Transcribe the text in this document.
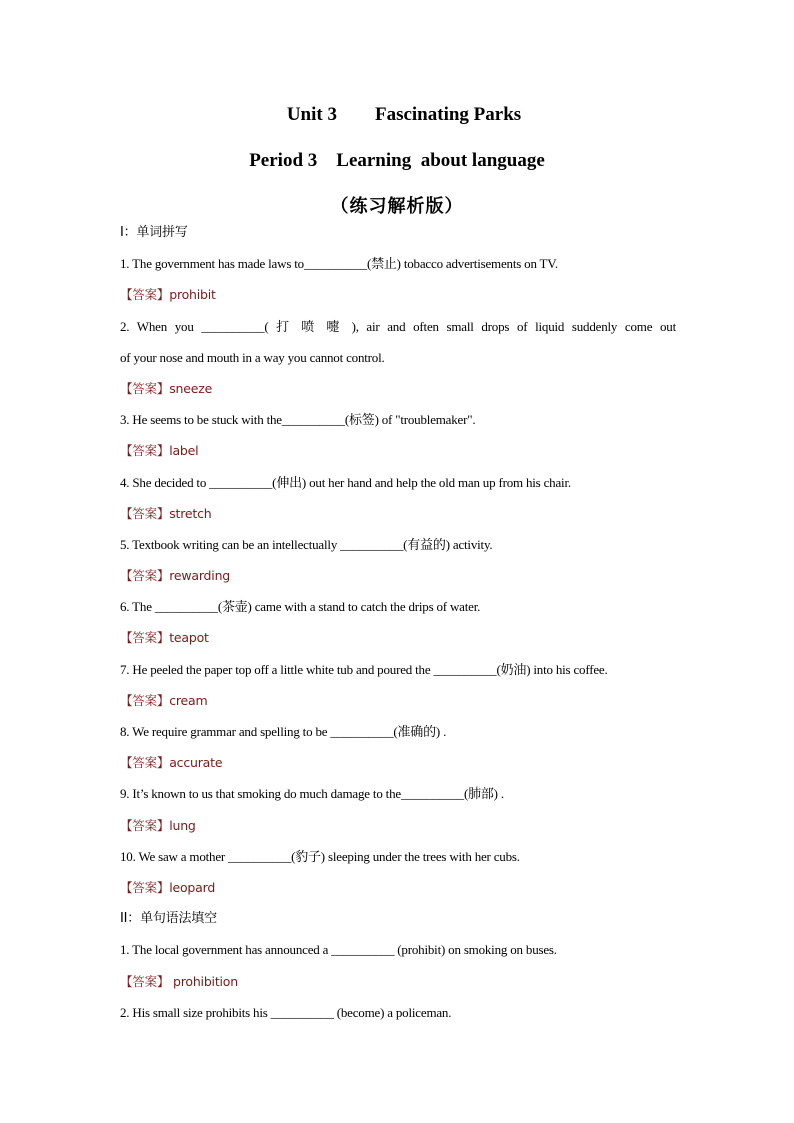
Unit 3        Fascinating Parks
Period 3    Learning  about language
（练习解析版）
I：单词拼写
1. The government has made laws to__________(禁止) tobacco advertisements on TV.
【答案】prohibit
2. When you __________( 打 喷 嚏 ), air and often small drops of liquid suddenly come out
of your nose and mouth in a way you cannot control.
【答案】sneeze
3. He seems to be stuck with the__________(标签) of "troublemaker".
【答案】label
4. She decided to __________(伸出) out her hand and help the old man up from his chair.
【答案】stretch
5. Textbook writing can be an intellectually __________(有益的) activity.
【答案】rewarding
6. The __________(茶壶) came with a stand to catch the drips of water.
【答案】teapot
7. He peeled the paper top off a little white tub and poured the __________(奶油) into his coffee.
【答案】cream
8. We require grammar and spelling to be __________(准确的) .
【答案】accurate
9. It’s known to us that smoking do much damage to the__________(肺部) .
【答案】lung
10. We saw a mother __________(豹子) sleeping under the trees with her cubs.
【答案】leopard
II：单句语法填空
1. The local government has announced a __________ (prohibit) on smoking on buses.
【答案】 prohibition
2. His small size prohibits his __________ (become) a policeman.
